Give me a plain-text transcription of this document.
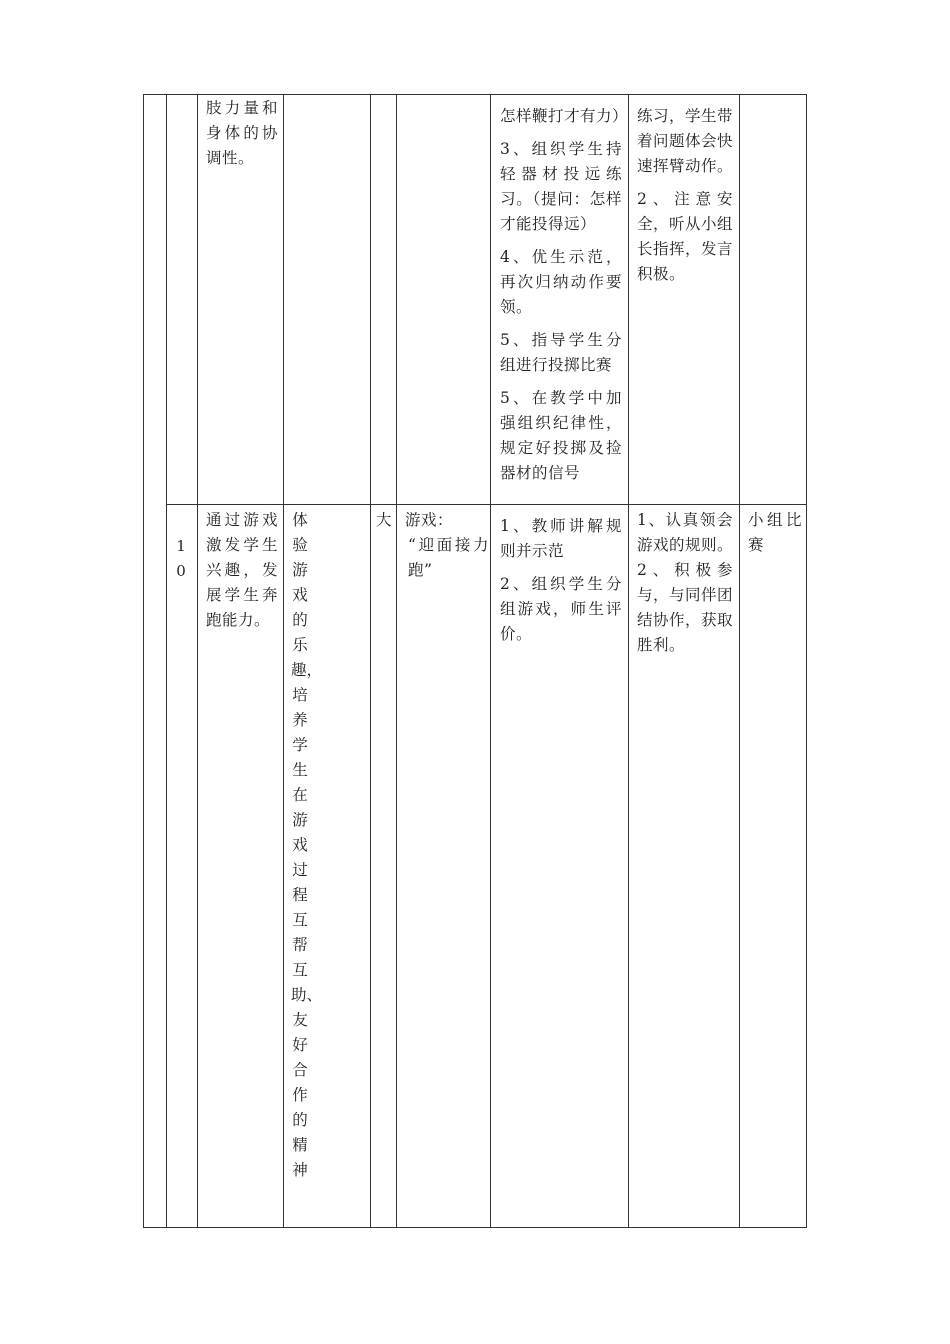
肢力量和身体的协调性。

怎样鞭打才有力）

3、组织学生持轻器材投远练习。（提问：怎样才能投得远）

4、优生示范，再次归纳动作要领。

5、指导学生分组进行投掷比赛

5、在教学中加强组织纪律性，规定好投掷及捡器材的信号

练习，学生带着问题体会快速挥臂动作。

2、注意安全，听从小组长指挥，发言积极。

10
通过游戏激发学生兴趣，发展学生奔跑能力。
体验游戏的乐趣，培养学生在游戏过程互帮互助、友好合作的精神
大 游戏：
“迎面接力跑”

1、教师讲解规则并示范

2、组织学生分组游戏，师生评价。

1、认真领会游戏的规则。

2、积极参与，与同伴团结协作，获取胜利。

小组比赛
